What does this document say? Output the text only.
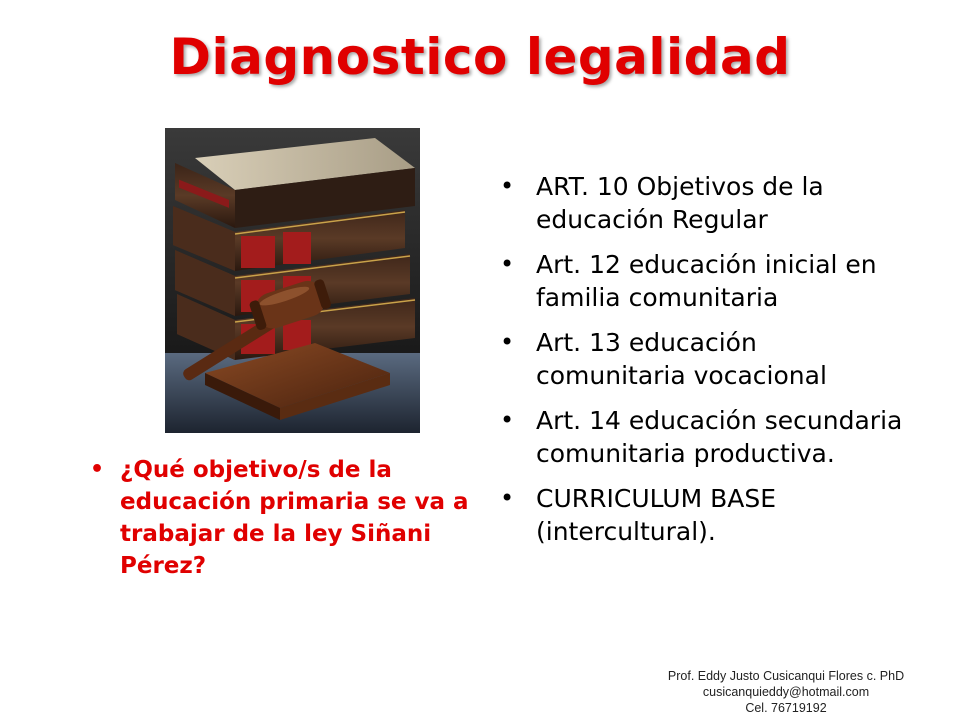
Diagnostico legalidad
• ¿Qué objetivo/s de la educación primaria se va a trabajar de la ley Siñani Pérez?
• ART. 10 Objetivos de la educación Regular
• Art. 12 educación inicial en familia comunitaria
• Art. 13 educación comunitaria vocacional
• Art. 14 educación secundaria comunitaria productiva.
• CURRICULUM BASE (intercultural).
Prof. Eddy Justo Cusicanqui Flores c. PhD
cusicanquieddy@hotmail.com
Cel. 76719192
